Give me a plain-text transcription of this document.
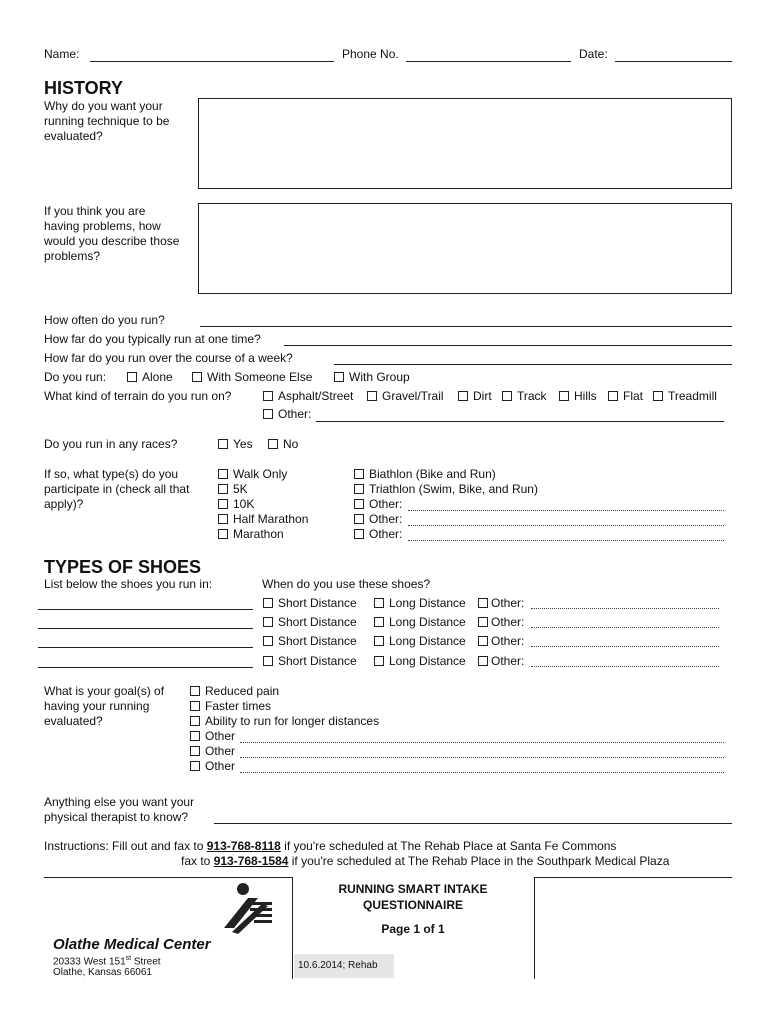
Name:	Phone No.	Date:
HISTORY
Why do you want your
running technique to be
evaluated?
If you think you are
having problems, how
would you describe those
problems?
How often do you run?
How far do you typically run at one time?
How far do you run over the course of a week?
Do you run:	Alone	With Someone Else	With Group
What kind of terrain do you run on?	Asphalt/Street Gravel/Trail Dirt Track Hills Flat Treadmill
Other:
Do you run in any races?	Yes	No
If so, what type(s) do you
participate in (check all that
apply)?
Walk Only
5K
10K
Half Marathon
Marathon
Biathlon (Bike and Run)
Triathlon (Swim, Bike, and Run)
Other:
Other:
Other:
TYPES OF SHOES
List below the shoes you run in:	When do you use these shoes?
Short Distance	Long Distance Other:
Short Distance	Long Distance Other:
Short Distance	Long Distance Other:
Short Distance	Long Distance Other:
What is your goal(s) of
having your running
evaluated?
Reduced pain
Faster times
Ability to run for longer distances
Other
Other
Other
Anything else you want your
physical therapist to know?
Instructions: Fill out and fax to 913-768-8118 if you're scheduled at The Rehab Place at Santa Fe Commons
fax to 913-768-1584 if you're scheduled at The Rehab Place in the Southpark Medical Plaza
Olathe Medical Center
20333 West 151st Street
Olathe, Kansas 66061
RUNNING SMART INTAKE
QUESTIONNAIRE
Page 1 of 1
10.6.2014; Rehab
